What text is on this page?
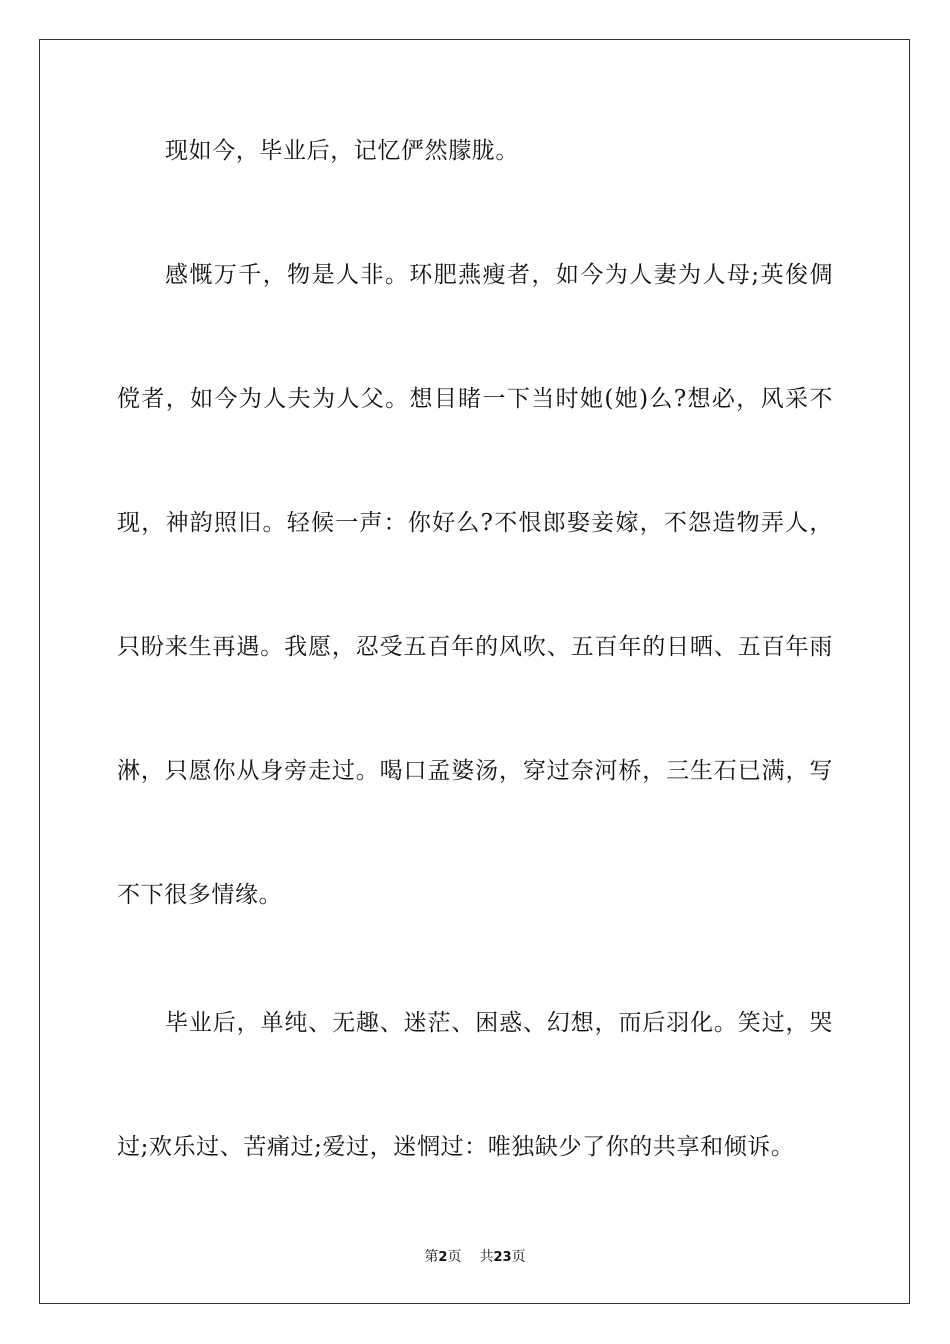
现如今，毕业后，记忆俨然朦胧。
感慨万千，物是人非。环肥燕瘦者，如今为人妻为人母;英俊倜
傥者，如今为人夫为人父。想目睹一下当时她(她)么?想必，风采不
现，神韵照旧。轻候一声：你好么?不恨郎娶妾嫁，不怨造物弄人，
只盼来生再遇。我愿，忍受五百年的风吹、五百年的日晒、五百年雨
淋，只愿你从身旁走过。喝口孟婆汤，穿过奈河桥，三生石已满，写
不下很多情缘。
毕业后，单纯、无趣、迷茫、困惑、幻想，而后羽化。笑过，哭
过;欢乐过、苦痛过;爱过，迷惘过：唯独缺少了你的共享和倾诉。
第2页 共23页
